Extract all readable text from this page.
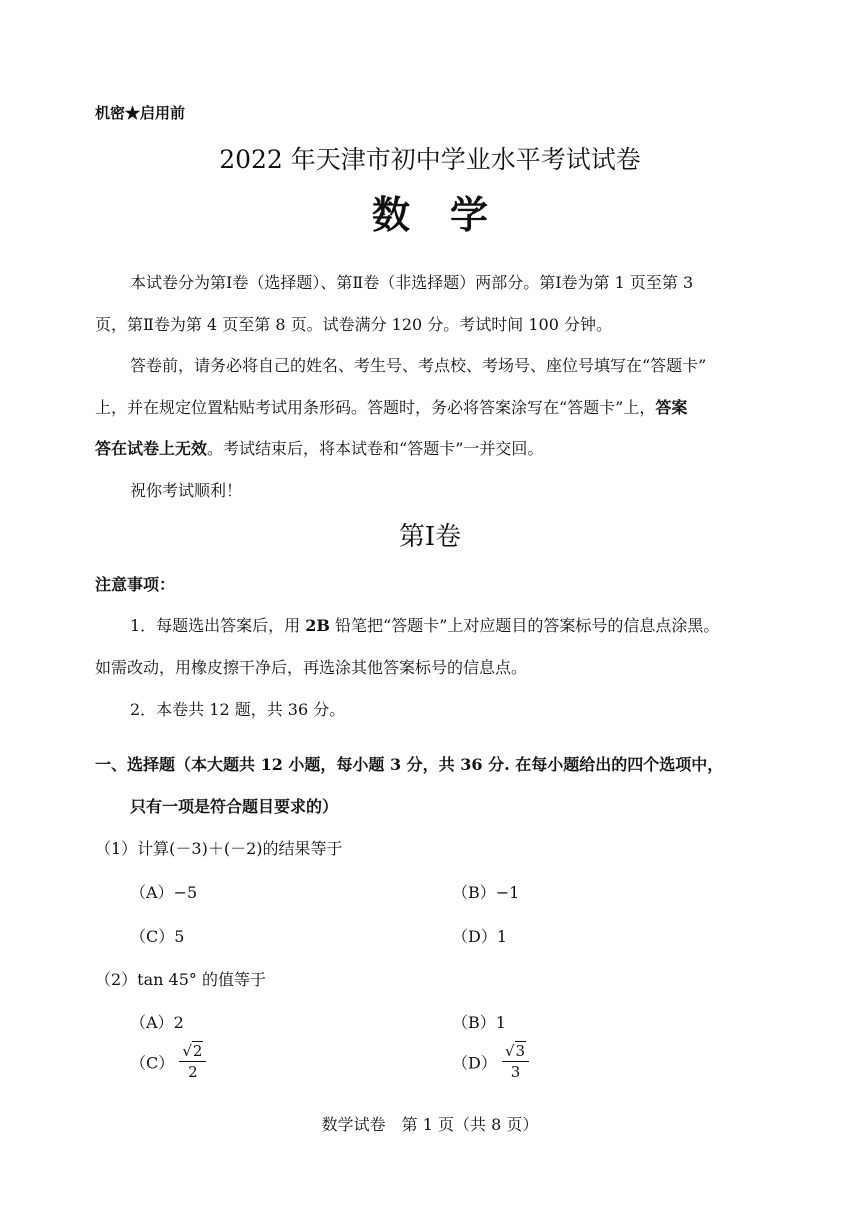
机密★启用前
2022 年天津市初中学业水平考试试卷
数学
本试卷分为第Ⅰ卷（选择题）、第Ⅱ卷（非选择题）两部分。第Ⅰ卷为第 1 页至第 3
页，第Ⅱ卷为第 4 页至第 8 页。试卷满分 120 分。考试时间 100 分钟。
答卷前，请务必将自己的姓名、考生号、考点校、考场号、座位号填写在“答题卡”
上，并在规定位置粘贴考试用条形码。答题时，务必将答案涂写在“答题卡”上，答案
答在试卷上无效。考试结束后，将本试卷和“答题卡”一并交回。
祝你考试顺利！
第Ⅰ卷
注意事项：
1．每题选出答案后，用 2B 铅笔把“答题卡”上对应题目的答案标号的信息点涂黑。
如需改动，用橡皮擦干净后，再选涂其他答案标号的信息点。
2．本卷共 12 题，共 36 分。
一、选择题（本大题共 12 小题，每小题 3 分，共 36 分. 在每小题给出的四个选项中，
只有一项是符合题目要求的）
（1）计算(－3)＋(－2)的结果等于
（A）−5	（B）−1
（C）5	（D）1
（2）tan 45° 的值等于
（A）2	（B）1
$(C) \frac{√2}{2}$	$(D) \frac{√3}{3}$
数学试卷　第 1 页（共 8 页）
